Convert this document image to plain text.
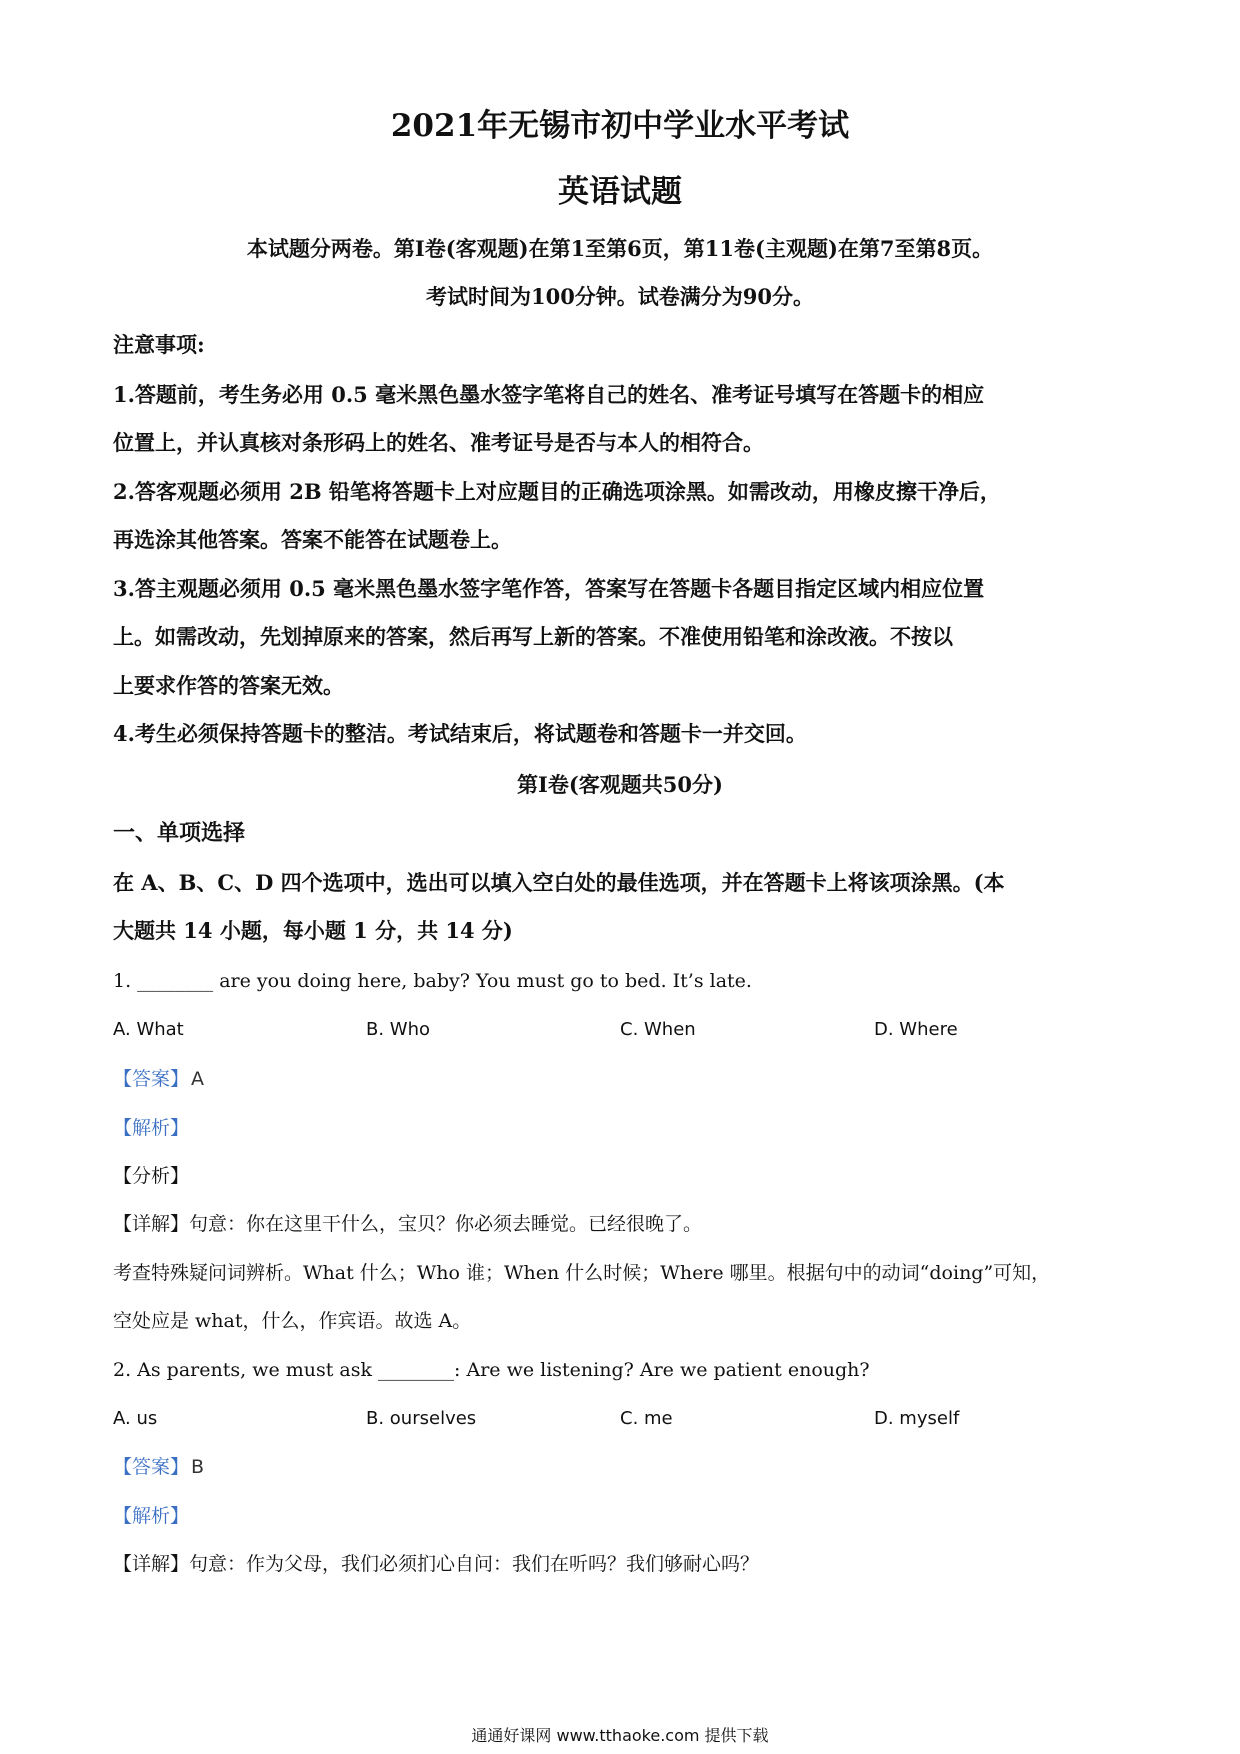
2021年无锡市初中学业水平考试
英语试题
本试题分两卷。第I卷(客观题)在第1至第6页，第11卷(主观题)在第7至第8页。
考试时间为100分钟。试卷满分为90分。
注意事项:
1.答题前，考生务必用 0.5 毫米黑色墨水签字笔将自己的姓名、准考证号填写在答题卡的相应
位置上，并认真核对条形码上的姓名、准考证号是否与本人的相符合。
2.答客观题必须用 2B 铅笔将答题卡上对应题目的正确选项涂黑。如需改动，用橡皮擦干净后，
再选涂其他答案。答案不能答在试题卷上。
3.答主观题必须用 0.5 毫米黑色墨水签字笔作答，答案写在答题卡各题目指定区域内相应位置
上。如需改动，先划掉原来的答案，然后再写上新的答案。不准使用铅笔和涂改液。不按以
上要求作答的答案无效。
4.考生必须保持答题卡的整洁。考试结束后，将试题卷和答题卡一并交回。
第I卷(客观题共50分)
一、单项选择
在 A、B、C、D 四个选项中，选出可以填入空白处的最佳选项，并在答题卡上将该项涂黑。(本
大题共 14 小题，每小题 1 分，共 14 分)
1. ________ are you doing here, baby? You must go to bed. It’s late.
A. What	B. Who	C. When	D. Where
【答案】 A
【解析】
【分析】
【详解】句意：你在这里干什么，宝贝？你必须去睡觉。已经很晚了。
考查特殊疑问词辨析。What 什么；Who 谁；When 什么时候；Where 哪里。根据句中的动词“doing”可知，
空处应是 what，什么，作宾语。故选 A。
2. As parents, we must ask ________: Are we listening? Are we patient enough?
A. us	B. ourselves	C. me	D. myself
【答案】 B
【解析】
【详解】句意：作为父母，我们必须扪心自问：我们在听吗？我们够耐心吗？
通通好课网 www.tthaoke.com 提供下载
